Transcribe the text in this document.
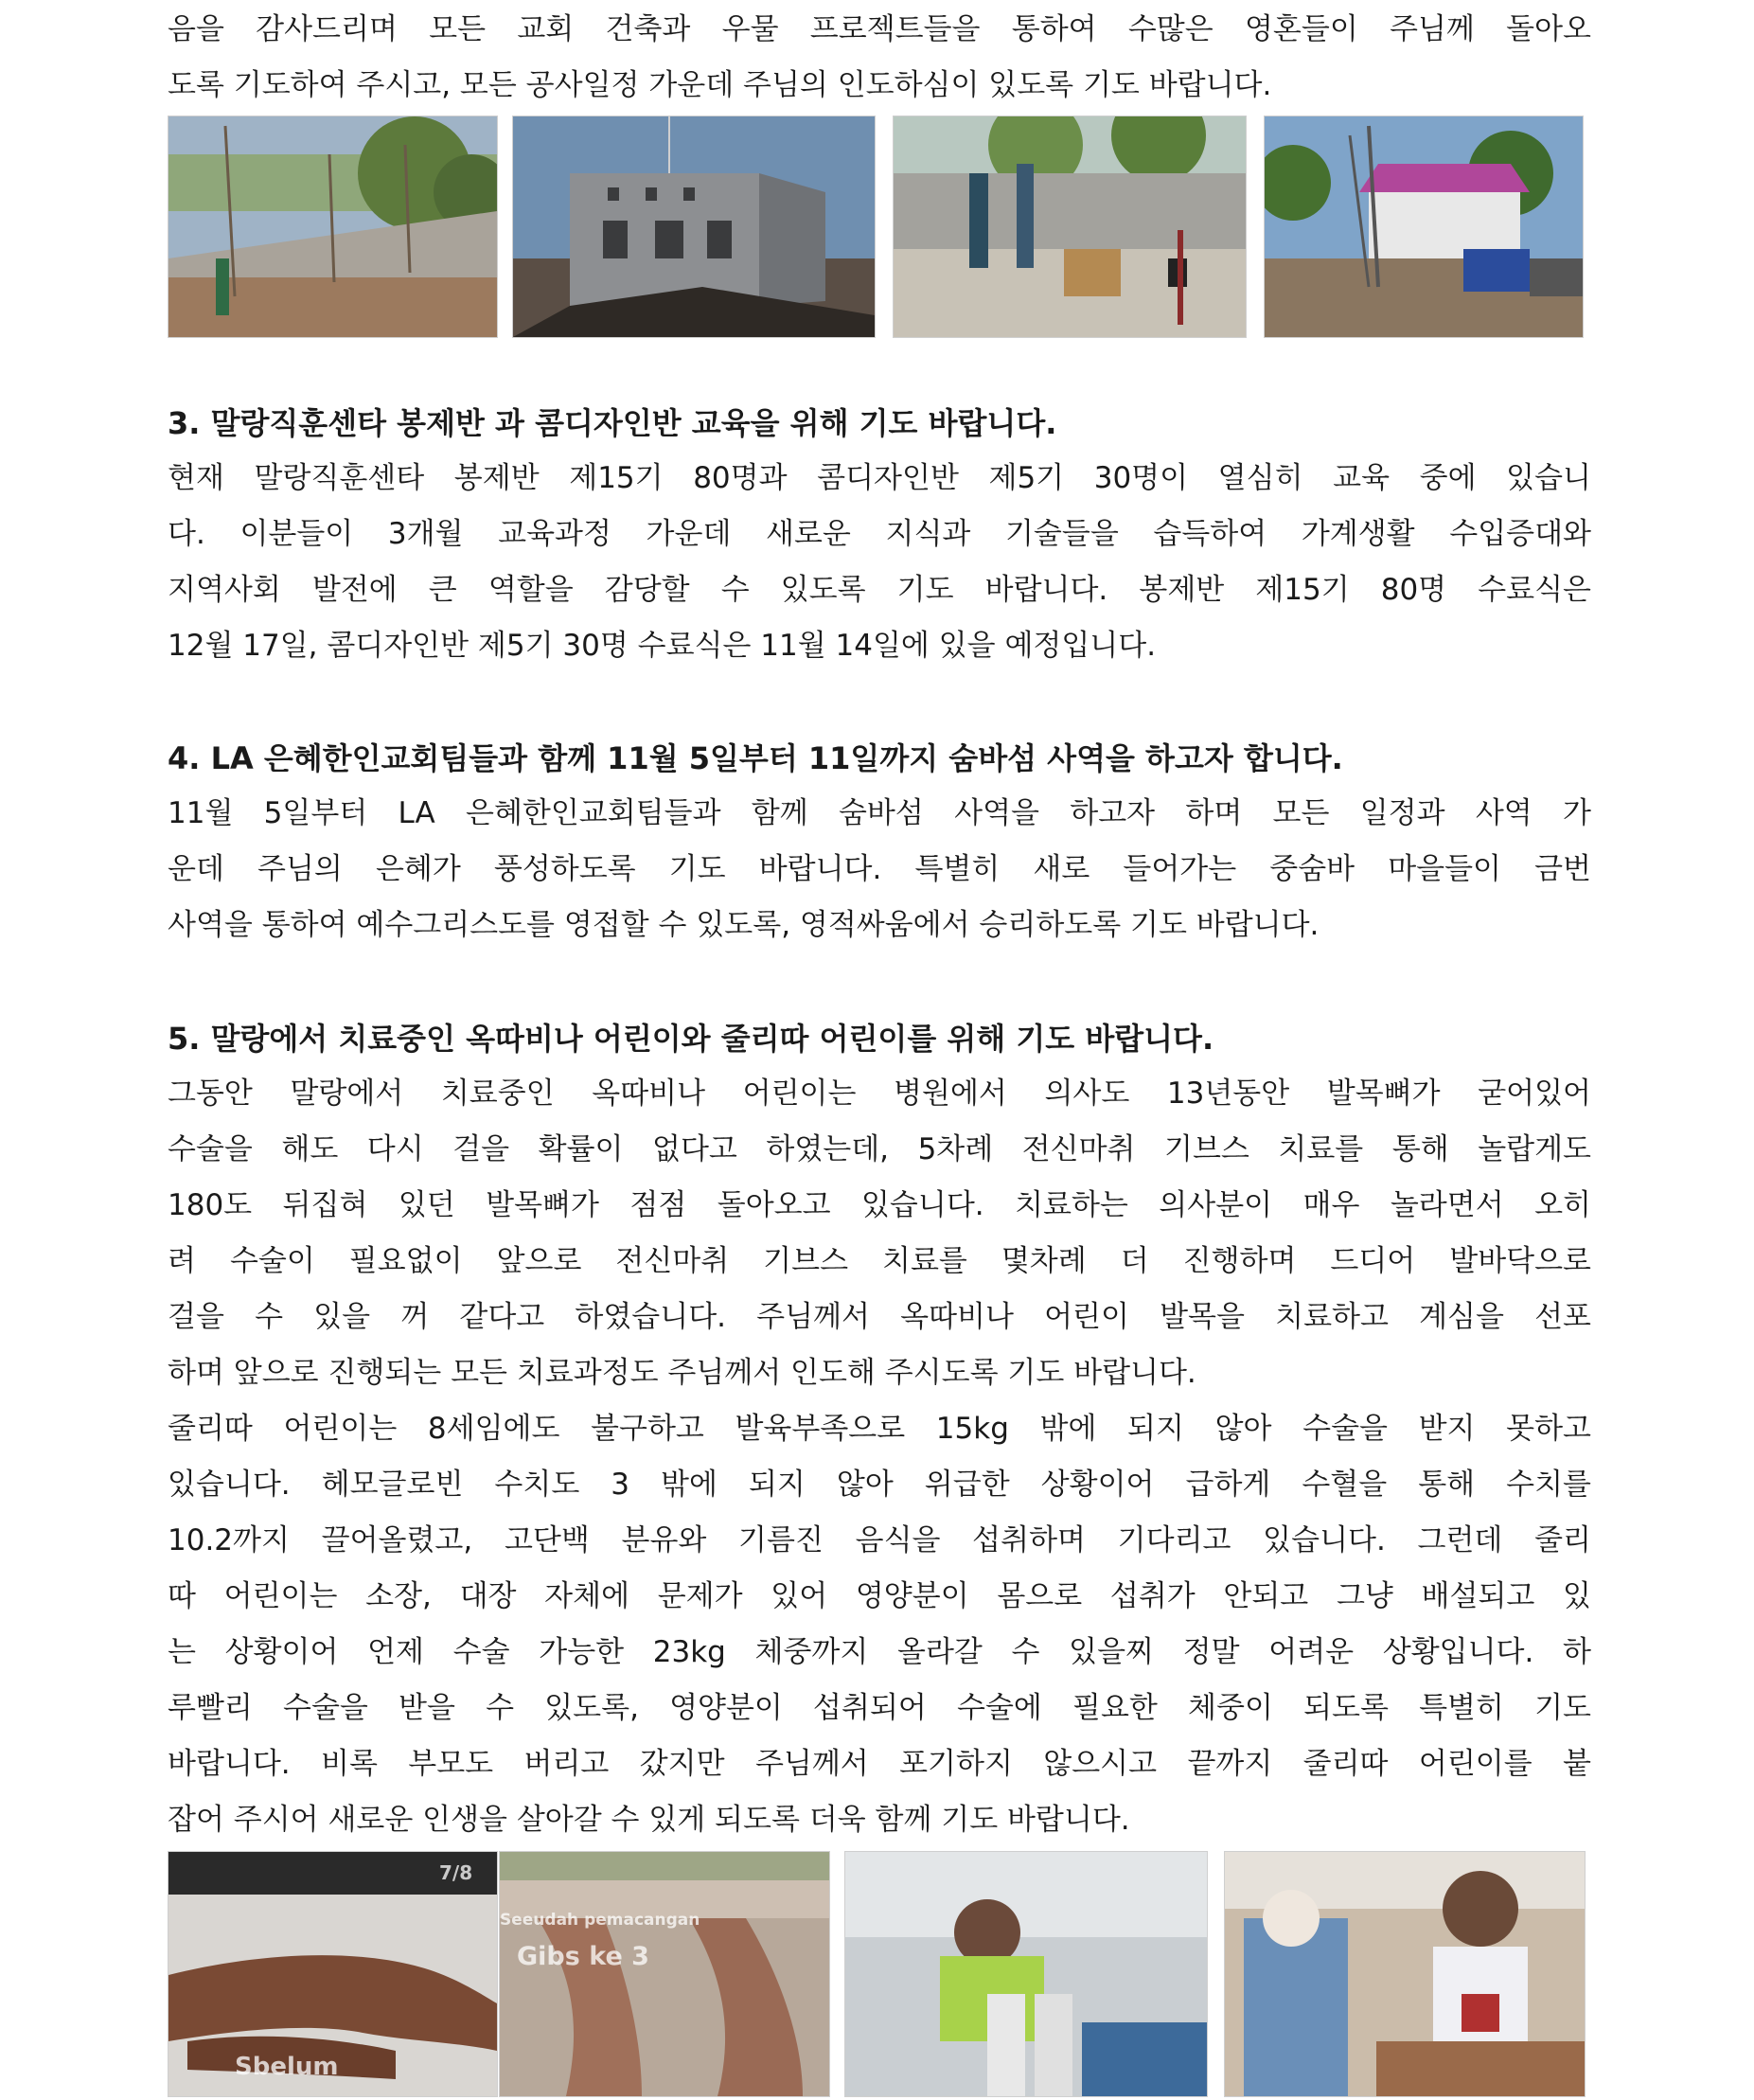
음을 감사드리며 모든 교회 건축과 우물 프로젝트들을 통하여 수많은 영혼들이 주님께 돌아오
도록 기도하여 주시고, 모든 공사일정 가운데 주님의 인도하심이 있도록 기도 바랍니다.
3. 말랑직훈센타 봉제반 과 콤디자인반 교육을 위해 기도 바랍니다.
현재 말랑직훈센타 봉제반 제15기 80명과 콤디자인반 제5기 30명이 열심히 교육 중에 있습니
다. 이분들이 3개월 교육과정 가운데 새로운 지식과 기술들을 습득하여 가계생활 수입증대와
지역사회 발전에 큰 역할을 감당할 수 있도록 기도 바랍니다. 봉제반 제15기 80명 수료식은
12월 17일, 콤디자인반 제5기 30명 수료식은 11월 14일에 있을 예정입니다.
4. LA 은혜한인교회팀들과 함께 11월 5일부터 11일까지 숨바섬 사역을 하고자 합니다.
11월 5일부터 LA 은혜한인교회팀들과 함께 숨바섬 사역을 하고자 하며 모든 일정과 사역 가
운데 주님의 은혜가 풍성하도록 기도 바랍니다. 특별히 새로 들어가는 중숨바 마을들이 금번
사역을 통하여 예수그리스도를 영접할 수 있도록, 영적싸움에서 승리하도록 기도 바랍니다.
5. 말랑에서 치료중인 옥따비나 어린이와 줄리따 어린이를 위해 기도 바랍니다.
그동안 말랑에서 치료중인 옥따비나 어린이는 병원에서 의사도 13년동안 발목뼈가 굳어있어
수술을 해도 다시 걸을 확률이 없다고 하였는데, 5차례 전신마취 기브스 치료를 통해 놀랍게도
180도 뒤집혀 있던 발목뼈가 점점 돌아오고 있습니다. 치료하는 의사분이 매우 놀라면서 오히
려 수술이 필요없이 앞으로 전신마취 기브스 치료를 몇차례 더 진행하며 드디어 발바닥으로
걸을 수 있을 꺼 같다고 하였습니다. 주님께서 옥따비나 어린이 발목을 치료하고 계심을 선포
하며 앞으로 진행되는 모든 치료과정도 주님께서 인도해 주시도록 기도 바랍니다.
줄리따 어린이는 8세임에도 불구하고 발육부족으로 15kg 밖에 되지 않아 수술을 받지 못하고
있습니다. 헤모글로빈 수치도 3 밖에 되지 않아 위급한 상황이어 급하게 수혈을 통해 수치를
10.2까지 끌어올렸고, 고단백 분유와 기름진 음식을 섭취하며 기다리고 있습니다. 그런데 줄리
따 어린이는 소장, 대장 자체에 문제가 있어 영양분이 몸으로 섭취가 안되고 그냥 배설되고 있
는 상황이어 언제 수술 가능한 23kg 체중까지 올라갈 수 있을찌 정말 어려운 상황입니다. 하
루빨리 수술을 받을 수 있도록, 영양분이 섭취되어 수술에 필요한 체중이 되도록 특별히 기도
바랍니다. 비록 부모도 버리고 갔지만 주님께서 포기하지 않으시고 끝까지 줄리따 어린이를 붙
잡어 주시어 새로운 인생을 살아갈 수 있게 되도록 더욱 함께 기도 바랍니다.
7/8
Sbelum
Seeudah pemacangan
Gibs ke 3
